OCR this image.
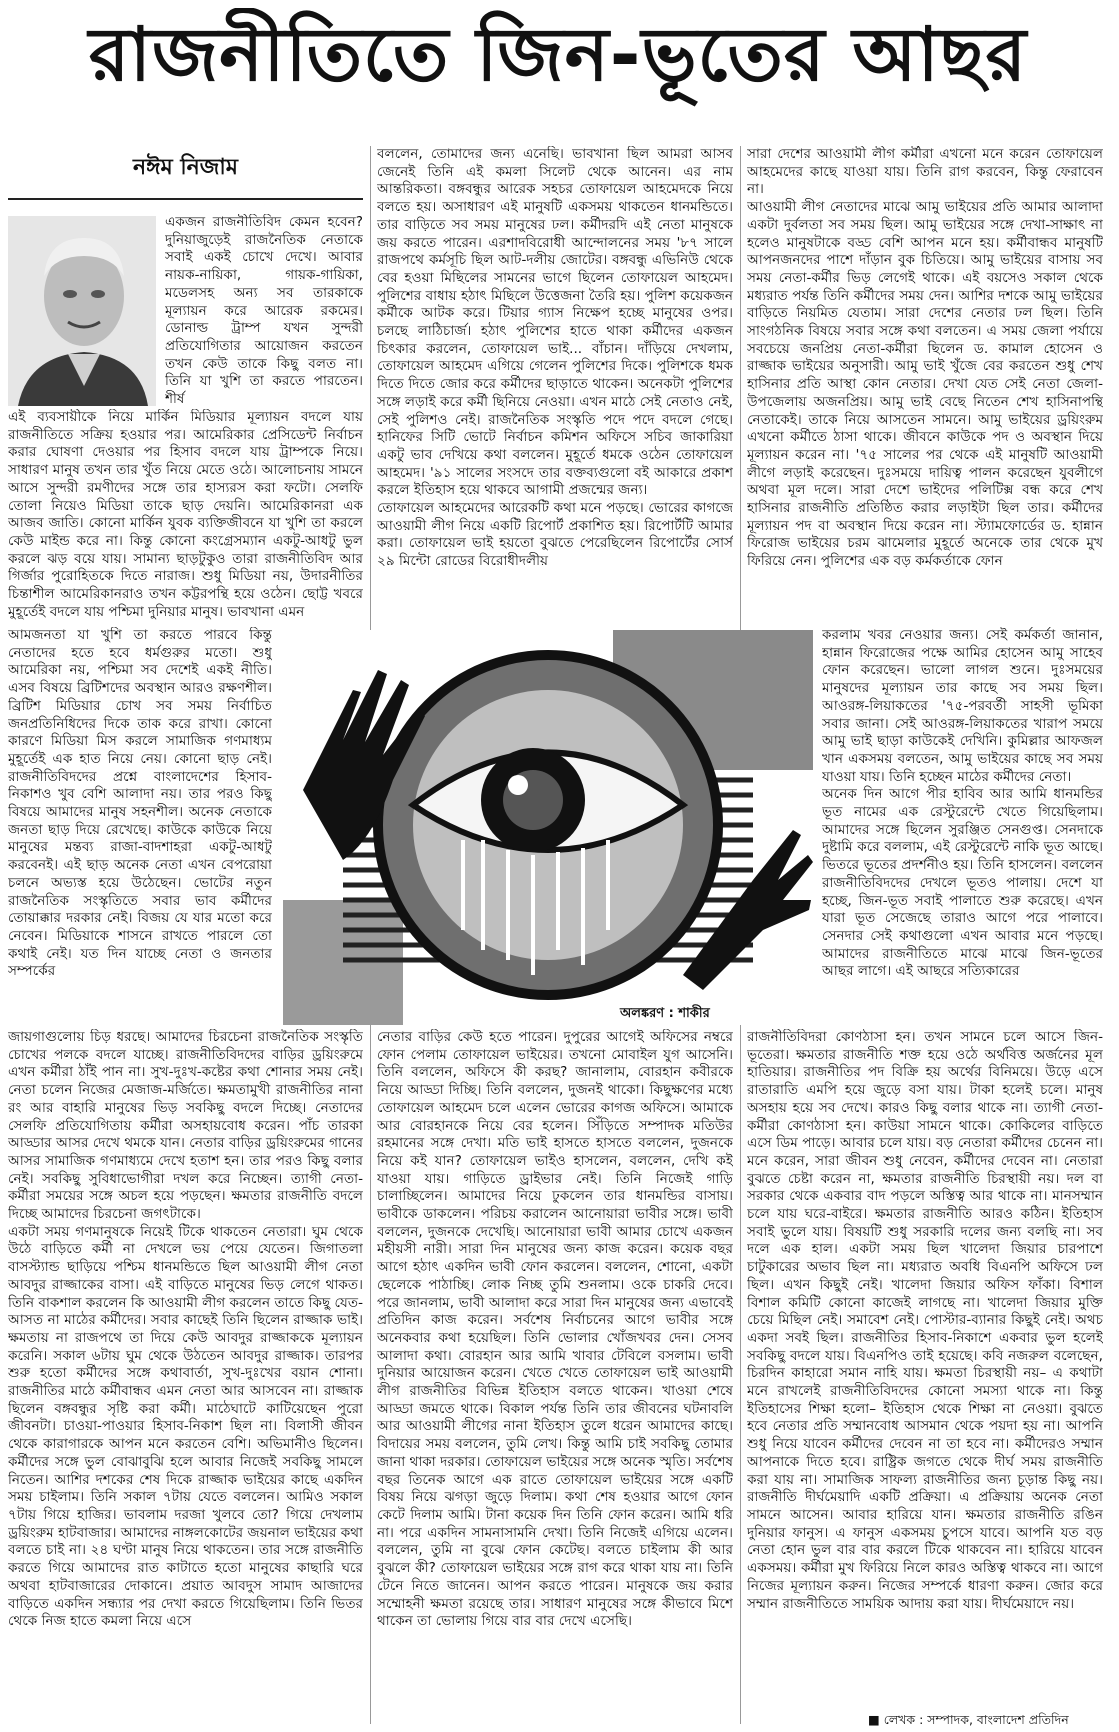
রাজনীতিতে জিন-ভূতের আছর
নঈম নিজাম

একজন রাজনীতিবিদ কেমন হবেন? দুনিয়াজুড়েই রাজনৈতিক নেতাকে সবাই একই চোখে দেখে। আবার নায়ক-নায়িকা, গায়ক-গায়িকা, মডেলসহ অন্য সব তারকাকে মূল্যায়ন করে আরেক রকমের। ডোনাল্ড ট্রাম্প যখন সুন্দরী প্রতিযোগিতার আয়োজন করতেন তখন কেউ তাকে কিছু বলত না। তিনি যা খুশি তা করতে পারতেন। শীর্ষ

এই ব্যবসায়ীকে নিয়ে মার্কিন মিডিয়ার মূল্যায়ন বদলে যায় রাজনীতিতে সক্রিয় হওয়ার পর। আমেরিকার প্রেসিডেন্ট নির্বাচন করার ঘোষণা দেওয়ার পর হিসাব বদলে যায় ট্রাম্পকে নিয়ে। সাধারণ মানুষ তখন তার খুঁত নিয়ে মেতে ওঠে। আলোচনায় সামনে আসে সুন্দরী রমণীদের সঙ্গে তার হাস্যরস করা ফটো। সেলফি তোলা নিয়েও মিডিয়া তাকে ছাড় দেয়নি। আমেরিকানরা এক আজব জাতি। কোনো মার্কিন যুবক ব্যক্তিজীবনে যা খুশি তা করলে কেউ মাইন্ড করে না। কিন্তু কোনো কংগ্রেসম্যান একটু-আধটু ভুল করলে ঝড় বয়ে যায়। সামান্য ছাড়টুকুও তারা রাজনীতিবিদ আর গির্জার পুরোহিতকে দিতে নারাজ। শুধু মিডিয়া নয়, উদারনীতির চিন্তাশীল আমেরিকানরাও তখন কট্টরপন্থি হয়ে ওঠেন। ছোট্ট খবরে মুহূর্তেই বদলে যায় পশ্চিমা দুনিয়ার মানুষ। ভাবখানা এমন

আমজনতা যা খুশি তা করতে পারবে কিন্তু নেতাদের হতে হবে ধর্মগুরুর মতো। শুধু আমেরিকা নয়, পশ্চিমা সব দেশেই একই নীতি। এসব বিষয়ে ব্রিটিশদের অবস্থান আরও রক্ষণশীল। ব্রিটিশ মিডিয়ার চোখ সব সময় নির্বাচিত জনপ্রতিনিধিদের দিকে তাক করে রাখা। কোনো কারণে মিডিয়া মিস করলে সামাজিক গণমাধ্যম মুহূর্তেই এক হাত নিয়ে নেয়। কোনো ছাড় নেই। রাজনীতিবিদদের প্রশ্নে বাংলাদেশের হিসাব-নিকাশও খুব বেশি আলাদা নয়। তার পরও কিছু বিষয়ে আমাদের মানুষ সহনশীল। অনেক নেতাকে জনতা ছাড় দিয়ে রেখেছে। কাউকে কাউকে নিয়ে মানুষের মন্তব্য রাজা-বাদশাহরা একটু-আধটু করবেনই। এই ছাড় অনেক নেতা এখন বেপরোয়া চলনে অভ্যস্ত হয়ে উঠেছেন। ভোটের নতুন রাজনৈতিক সংস্কৃতিতে সবার ভাব কর্মীদের তোয়াক্কার দরকার নেই। বিজয় যে যার মতো করে নেবেন। মিডিয়াকে শাসনে রাখতে পারলে তো কথাই নেই। যত দিন যাচ্ছে নেতা ও জনতার সম্পর্কের

জায়গাগুলোয় চিড় ধরছে। আমাদের চিরচেনা রাজনৈতিক সংস্কৃতি চোখের পলকে বদলে যাচ্ছে। রাজনীতিবিদদের বাড়ির ড্রয়িংরুমে এখন কর্মীরা ঠাঁই পান না। সুখ-দুঃখ-কষ্টের কথা শোনার সময় নেই। নেতা চলেন নিজের মেজাজ-মর্জিতে। ক্ষমতামুখী রাজনীতির নানা রং আর বাহারি মানুষের ভিড় সবকিছু বদলে দিচ্ছে। নেতাদের সেলফি প্রতিযোগিতায় কর্মীরা অসহায়বোধ করেন। পাঁচ তারকা আড্ডার আসর দেখে থমকে যান। নেতার বাড়ির ড্রয়িংরুমের গানের আসর সামাজিক গণমাধ্যমে দেখে হতাশ হন। তার পরও কিছু বলার নেই। সবকিছু সুবিধাভোগীরা দখল করে নিচ্ছেন। ত্যাগী নেতা-কর্মীরা সময়ের সঙ্গে অচল হয়ে পড়ছেন। ক্ষমতার রাজনীতি বদলে দিচ্ছে আমাদের চিরচেনা জগৎটাকে।
একটা সময় গণমানুষকে নিয়েই টিকে থাকতেন নেতারা। ঘুম থেকে উঠে বাড়িতে কর্মী না দেখলে ভয় পেয়ে যেতেন। জিগাতলা বাসস্ট্যান্ড ছাড়িয়ে পশ্চিম ধানমন্ডিতে ছিল আওয়ামী লীগ নেতা আবদুর রাজ্জাকের বাসা। এই বাড়িতে মানুষের ভিড় লেগে থাকত। তিনি বাকশাল করলেন কি আওয়ামী লীগ করলেন তাতে কিছু যেত-আসত না মাঠের কর্মীদের। সবার কাছেই তিনি ছিলেন রাজ্জাক ভাই। ক্ষমতায় না রাজপথে তা দিয়ে কেউ আবদুর রাজ্জাককে মূল্যায়ন করেনি। সকাল ৬টায় ঘুম থেকে উঠতেন আবদুর রাজ্জাক। তারপর শুরু হতো কর্মীদের সঙ্গে কথাবার্তা, সুখ-দুঃখের বয়ান শোনা। রাজনীতির মাঠে কর্মীবান্ধব এমন নেতা আর আসবেন না। রাজ্জাক ছিলেন বঙ্গবন্ধুর সৃষ্টি করা কর্মী। মাঠেঘাটে কাটিয়েছেন পুরো জীবনটা। চাওয়া-পাওয়ার হিসাব-নিকাশ ছিল না। বিলাসী জীবন থেকে কারাগারকে আপন মনে করতেন বেশি। অভিমানীও ছিলেন। কর্মীদের সঙ্গে ভুল বোঝাবুঝি হলে আবার নিজেই সবকিছু সামলে নিতেন। আশির দশকের শেষ দিকে রাজ্জাক ভাইয়ের কাছে একদিন সময় চাইলাম। তিনি সকাল ৭টায় যেতে বললেন। আমিও সকাল ৭টায় গিয়ে হাজির। ভাবলাম দরজা খুলবে তো? গিয়ে দেখলাম ড্রয়িংরুম হাটবাজার। আমাদের নাঙ্গলকোটের জয়নাল ভাইয়ের কথা বলতে চাই না। ২৪ ঘণ্টা মানুষ নিয়ে থাকতেন। তার সঙ্গে রাজনীতি করতে গিয়ে আমাদের রাত কাটাতে হতো মানুষের কাছারি ঘরে অথবা হাটবাজারের দোকানে। প্রয়াত আবদুস সামাদ আজাদের বাড়িতে একদিন সন্ধ্যার পর দেখা করতে গিয়েছিলাম। তিনি ভিতর থেকে নিজ হাতে কমলা নিয়ে এসে

বললেন, তোমাদের জন্য এনেছি। ভাবখানা ছিল আমরা আসব জেনেই তিনি এই কমলা সিলেট থেকে আনেন। এর নাম আন্তরিকতা। বঙ্গবন্ধুর আরেক সহচর তোফায়েল আহমেদকে নিয়ে বলতে হয়। অসাধারণ এই মানুষটি একসময় থাকতেন ধানমন্ডিতে। তার বাড়িতে সব সময় মানুষের ঢল। কর্মীদরদি এই নেতা মানুষকে জয় করতে পারেন। এরশাদবিরোধী আন্দোলনের সময় '৮৭ সালে রাজপথে কর্মসূচি ছিল আট-দলীয় জোটের। বঙ্গবন্ধু এভিনিউ থেকে বের হওয়া মিছিলের সামনের ভাগে ছিলেন তোফায়েল আহমেদ। পুলিশের বাধায় হঠাৎ মিছিলে উত্তেজনা তৈরি হয়। পুলিশ কয়েকজন কর্মীকে আটক করে। টিয়ার গ্যাস নিক্ষেপ হচ্ছে মানুষের ওপর। চলছে লাঠিচার্জ। হঠাৎ পুলিশের হাতে থাকা কর্মীদের একজন চিৎকার করলেন, তোফায়েল ভাই... বাঁচান। দাঁড়িয়ে দেখলাম, তোফায়েল আহমেদ এগিয়ে গেলেন পুলিশের দিকে। পুলিশকে ধমক দিতে দিতে জোর করে কর্মীদের ছাড়াতে থাকেন। অনেকটা পুলিশের সঙ্গে লড়াই করে কর্মী ছিনিয়ে নেওয়া। এখন মাঠে সেই নেতাও নেই, সেই পুলিশও নেই। রাজনৈতিক সংস্কৃতি পদে পদে বদলে গেছে। হানিফের সিটি ভোটে নির্বাচন কমিশন অফিসে সচিব জাকারিয়া একটু ভাব দেখিয়ে কথা বললেন। মুহূর্তে ধমকে ওঠেন তোফায়েল আহমেদ। '৯১ সালের সংসদে তার বক্তব্যগুলো বই আকারে প্রকাশ করলে ইতিহাস হয়ে থাকবে আগামী প্রজন্মের জন্য।
তোফায়েল আহমেদের আরেকটি কথা মনে পড়ছে। ভোরের কাগজে আওয়ামী লীগ নিয়ে একটি রিপোর্ট প্রকাশিত হয়। রিপোর্টটি আমার করা। তোফায়েল ভাই হয়তো বুঝতে পেরেছিলেন রিপোর্টের সোর্স ২৯ মিন্টো রোডের বিরোধীদলীয়

নেতার বাড়ির কেউ হতে পারেন। দুপুরের আগেই অফিসের নম্বরে ফোন পেলাম তোফায়েল ভাইয়ের। তখনো মোবাইল যুগ আসেনি। তিনি বললেন, অফিসে কী করছ? জানালাম, বোরহান কবীরকে নিয়ে আড্ডা দিচ্ছি। তিনি বললেন, দুজনই থাকো। কিছুক্ষণের মধ্যে তোফায়েল আহমেদ চলে এলেন ভোরের কাগজ অফিসে। আমাকে আর বোরহানকে নিয়ে বের হলেন। সিঁড়িতে সম্পাদক মতিউর রহমানের সঙ্গে দেখা। মতি ভাই হাসতে হাসতে বললেন, দুজনকে নিয়ে কই যান? তোফায়েল ভাইও হাসলেন, বললেন, দেখি কই যাওয়া যায়। গাড়িতে ড্রাইভার নেই। তিনি নিজেই গাড়ি চালাচ্ছিলেন। আমাদের নিয়ে ঢুকলেন তার ধানমন্ডির বাসায়। ভাবীকে ডাকলেন। পরিচয় করালেন আনোয়ারা ভাবীর সঙ্গে। ভাবী বললেন, দুজনকে দেখেছি। আনোয়ারা ভাবী আমার চোখে একজন মহীয়সী নারী। সারা দিন মানুষের জন্য কাজ করেন। কয়েক বছর আগে হঠাৎ একদিন ভাবী ফোন করলেন। বললেন, শোনো, একটা ছেলেকে পাঠাচ্ছি। লোক নিচ্ছ তুমি শুনলাম। ওকে চাকরি দেবে। পরে জানলাম, ভাবী আলাদা করে সারা দিন মানুষের জন্য এভাবেই প্রতিদিন কাজ করেন। সর্বশেষ নির্বাচনের আগে ভাবীর সঙ্গে অনেকবার কথা হয়েছিল। তিনি ভোলার খোঁজখবর দেন। সেসব আলাদা কথা। বোরহান আর আমি খাবার টেবিলে বসলাম। ভাবী দুনিয়ার আয়োজন করেন। খেতে খেতে তোফায়েল ভাই আওয়ামী লীগ রাজনীতির বিভিন্ন ইতিহাস বলতে থাকেন। খাওয়া শেষে আড্ডা জমতে থাকে। বিকাল পর্যন্ত তিনি তার জীবনের ঘটনাবলি আর আওয়ামী লীগের নানা ইতিহাস তুলে ধরেন আমাদের কাছে। বিদায়ের সময় বললেন, তুমি লেখ। কিন্তু আমি চাই সবকিছু তোমার জানা থাকা দরকার। তোফায়েল ভাইয়ের সঙ্গে অনেক স্মৃতি। সর্বশেষ বছর তিনেক আগে এক রাতে তোফায়েল ভাইয়ের সঙ্গে একটি বিষয় নিয়ে ঝগড়া জুড়ে দিলাম। কথা শেষ হওয়ার আগে ফোন কেটে দিলাম আমি। টানা কয়েক দিন তিনি ফোন করেন। আমি ধরি না। পরে একদিন সামনাসামনি দেখা। তিনি নিজেই এগিয়ে এলেন। বললেন, তুমি না বুঝে ফোন কেটেছ। বলতে চাইলাম কী আর বুঝলে কী? তোফায়েল ভাইয়ের সঙ্গে রাগ করে থাকা যায় না। তিনি টেনে নিতে জানেন। আপন করতে পারেন। মানুষকে জয় করার সম্মোহনী ক্ষমতা রয়েছে তার। সাধারণ মানুষের সঙ্গে কীভাবে মিশে থাকেন তা ভোলায় গিয়ে বার বার দেখে এসেছি।

সারা দেশের আওয়ামী লীগ কর্মীরা এখনো মনে করেন তোফায়েল আহমেদের কাছে যাওয়া যায়। তিনি রাগ করবেন, কিন্তু ফেরাবেন না।
আওয়ামী লীগ নেতাদের মাঝে আমু ভাইয়ের প্রতি আমার আলাদা একটা দুর্বলতা সব সময় ছিল। আমু ভাইয়ের সঙ্গে দেখা-সাক্ষাৎ না হলেও মানুষটাকে বড্ড বেশি আপন মনে হয়। কর্মীবান্ধব মানুষটি আপনজনদের পাশে দাঁড়ান বুক চিতিয়ে। আমু ভাইয়ের বাসায় সব সময় নেতা-কর্মীর ভিড় লেগেই থাকে। এই বয়সেও সকাল থেকে মধ্যরাত পর্যন্ত তিনি কর্মীদের সময় দেন। আশির দশকে আমু ভাইয়ের বাড়িতে নিয়মিত যেতাম। সারা দেশের নেতার ঢল ছিল। তিনি সাংগঠনিক বিষয়ে সবার সঙ্গে কথা বলতেন। এ সময় জেলা পর্যায়ে সবচেয়ে জনপ্রিয় নেতা-কর্মীরা ছিলেন ড. কামাল হোসেন ও রাজ্জাক ভাইয়ের অনুসারী। আমু ভাই খুঁজে বের করতেন শুধু শেখ হাসিনার প্রতি আস্থা কোন নেতার। দেখা যেত সেই নেতা জেলা-উপজেলায় অজনপ্রিয়। আমু ভাই বেছে নিতেন শেখ হাসিনাপন্থি নেতাকেই। তাকে নিয়ে আসতেন সামনে। আমু ভাইয়ের ড্রয়িংরুম এখনো কর্মীতে ঠাসা থাকে। জীবনে কাউকে পদ ও অবস্থান দিয়ে মূল্যায়ন করেন না। '৭৫ সালের পর থেকে এই মানুষটি আওয়ামী লীগে লড়াই করেছেন। দুঃসময়ে দায়িত্ব পালন করেছেন যুবলীগে অথবা মূল দলে। সারা দেশে ভাইদের পলিটিক্স বন্ধ করে শেখ হাসিনার রাজনীতি প্রতিষ্ঠিত করার লড়াইটা ছিল তার। কর্মীদের মূল্যায়ন পদ বা অবস্থান দিয়ে করেন না। স্ট্যামফোর্ডের ড. হান্নান ফিরোজ ভাইয়ের চরম ঝামেলার মুহূর্তে অনেকে তার থেকে মুখ ফিরিয়ে নেন। পুলিশের এক বড় কর্মকর্তাকে ফোন

করলাম খবর নেওয়ার জন্য। সেই কর্মকর্তা জানান, হান্নান ফিরোজের পক্ষে আমির হোসেন আমু সাহেব ফোন করেছেন। ভালো লাগল শুনে। দুঃসময়ের মানুষদের মূল্যায়ন তার কাছে সব সময় ছিল। আওরঙ্গ-লিয়াকতের '৭৫-পরবর্তী সাহসী ভূমিকা সবার জানা। সেই আওরঙ্গ-লিয়াকতের খারাপ সময়ে আমু ভাই ছাড়া কাউকেই দেখিনি। কুমিল্লার আফজল খান একসময় বলতেন, আমু ভাইয়ের কাছে সব সময় যাওয়া যায়। তিনি হচ্ছেন মাঠের কর্মীদের নেতা।
অনেক দিন আগে পীর হাবিব আর আমি ধানমন্ডির ভূত নামের এক রেস্টুরেন্টে খেতে গিয়েছিলাম। আমাদের সঙ্গে ছিলেন সুরঞ্জিত সেনগুপ্ত। সেনদাকে দুষ্টামি করে বললাম, এই রেস্টুরেন্টে নাকি ভূত আছে। ভিতরে ভূতের প্রদর্শনীও হয়। তিনি হাসলেন। বললেন রাজনীতিবিদদের দেখলে ভূতও পালায়। দেশে যা হচ্ছে, জিন-ভূত সবাই পালাতে শুরু করেছে। এখন যারা ভূত সেজেছে তারাও আগে পরে পালাবে। সেনদার সেই কথাগুলো এখন আবার মনে পড়ছে। আমাদের রাজনীতিতে মাঝে মাঝে জিন-ভূতের আছর লাগে। এই আছরে সত্যিকারের

রাজনীতিবিদরা কোণঠাসা হন। তখন সামনে চলে আসে জিন-ভূতেরা। ক্ষমতার রাজনীতি শক্ত হয়ে ওঠে অর্থবিত্ত অর্জনের মূল হাতিয়ার। রাজনীতির পদ বিক্রি হয় অর্থের বিনিময়ে। উড়ে এসে রাতারাতি এমপি হয়ে জুড়ে বসা যায়। টাকা হলেই চলে। মানুষ অসহায় হয়ে সব দেখে। কারও কিছু বলার থাকে না। ত্যাগী নেতা-কর্মীরা কোণঠাসা হন। কাউয়া সামনে থাকে। কোকিলের বাড়িতে এসে ডিম পাড়ে। আবার চলে যায়। বড় নেতারা কর্মীদের চেনেন না। মনে করেন, সারা জীবন শুধু নেবেন, কর্মীদের দেবেন না। নেতারা বুঝতে চেষ্টা করেন না, ক্ষমতার রাজনীতি চিরস্থায়ী নয়। দল বা সরকার থেকে একবার বাদ পড়লে অস্তিত্ব আর থাকে না। মানসম্মান চলে যায় ঘরে-বাইরে। ক্ষমতার রাজনীতি আরও কঠিন। ইতিহাস সবাই ভুলে যায়। বিষয়টি শুধু সরকারি দলের জন্য বলছি না। সব দলে এক হাল। একটা সময় ছিল খালেদা জিয়ার চারপাশে চাটুকারের অভাব ছিল না। মধ্যরাত অবধি বিএনপি অফিসে ঢল ছিল। এখন কিছুই নেই। খালেদা জিয়ার অফিস ফাঁকা। বিশাল বিশাল কমিটি কোনো কাজেই লাগছে না। খালেদা জিয়ার মুক্তি চেয়ে মিছিল নেই। সমাবেশ নেই। পোস্টার-ব্যানার কিছুই নেই। অথচ একদা সবই ছিল। রাজনীতির হিসাব-নিকাশে একবার ভুল হলেই সবকিছু বদলে যায়। বিএনপিও তাই হয়েছে। কবি নজরুল বলেছেন, চিরদিন কাহারো সমান নাহি যায়। ক্ষমতা চিরস্থায়ী নয়– এ কথাটা মনে রাখলেই রাজনীতিবিদদের কোনো সমস্যা থাকে না। কিন্তু ইতিহাসের শিক্ষা হলো– ইতিহাস থেকে শিক্ষা না নেওয়া। বুঝতে হবে নেতার প্রতি সম্মানবোধ আসমান থেকে পয়দা হয় না। আপনি শুধু নিয়ে যাবেন কর্মীদের দেবেন না তা হবে না। কর্মীদেরও সম্মান আপনাকে দিতে হবে। রাষ্ট্রিক জগতে থেকে দীর্ঘ সময় রাজনীতি করা যায় না। সামাজিক সাফল্য রাজনীতির জন্য চূড়ান্ত কিছু নয়। রাজনীতি দীর্ঘমেয়াদি একটি প্রক্রিয়া। এ প্রক্রিয়ায় অনেক নেতা সামনে আসেন। আবার হারিয়ে যান। ক্ষমতার রাজনীতি রঙিন দুনিয়ার ফানুস। এ ফানুস একসময় চুপসে যাবে। আপনি যত বড় নেতা হোন ভুল বার বার করলে টিকে থাকবেন না। হারিয়ে যাবেন একসময়। কর্মীরা মুখ ফিরিয়ে নিলে কারও অস্তিত্ব থাকবে না। আগে নিজের মূল্যায়ন করুন। নিজের সম্পর্কে ধারণা করুন। জোর করে সম্মান রাজনীতিতে সাময়িক আদায় করা যায়। দীর্ঘমেয়াদে নয়।

অলঙ্করণ : শাকীর
■ লেখক : সম্পাদক, বাংলাদেশ প্রতিদিন
